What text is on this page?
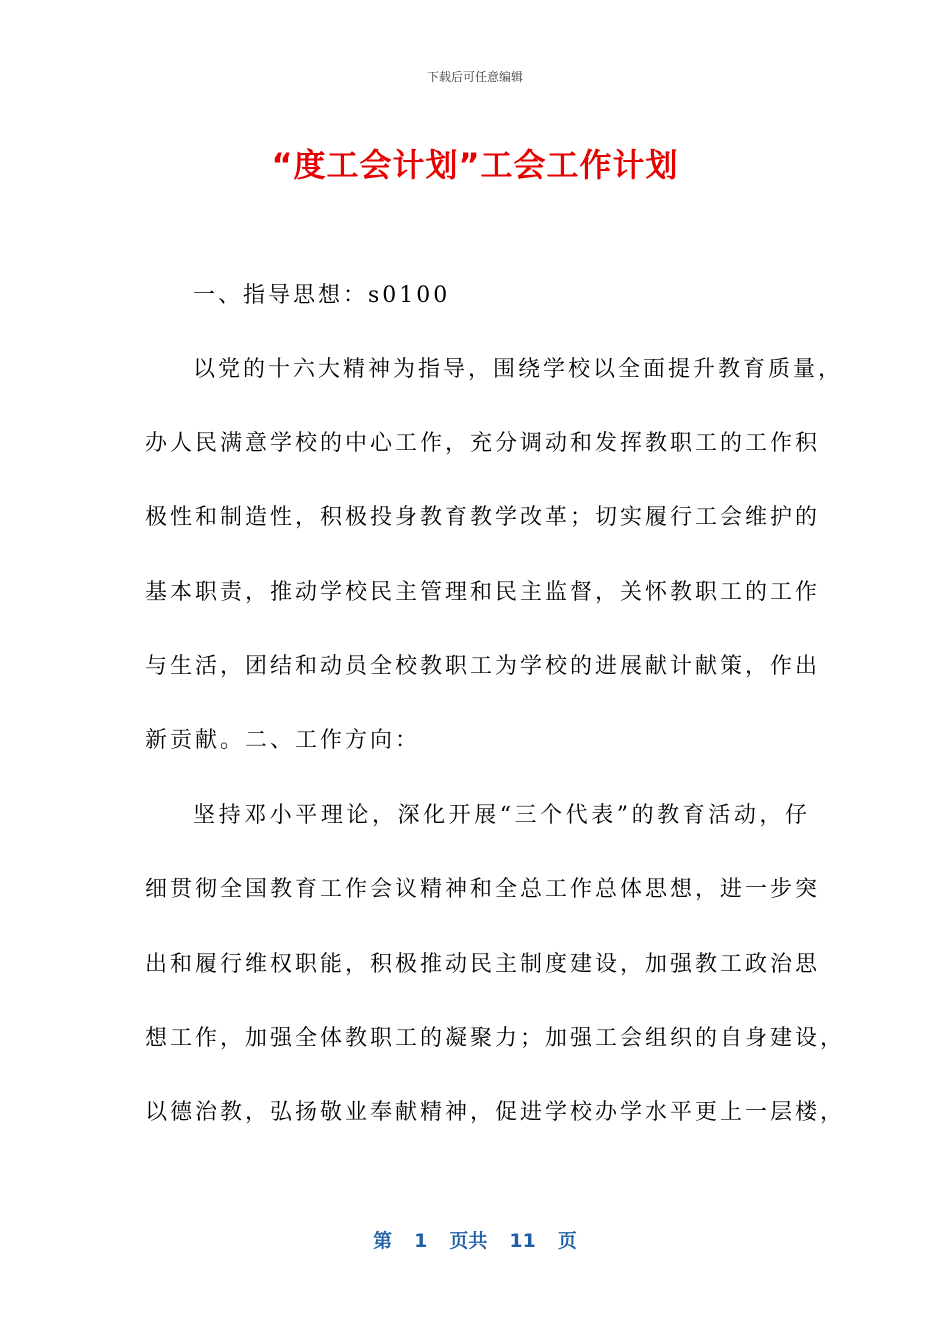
下载后可任意编辑
“度工会计划”工会工作计划
一、指导思想：s0100
以党的十六大精神为指导，围绕学校以全面提升教育质量，
办人民满意学校的中心工作，充分调动和发挥教职工的工作积
极性和制造性，积极投身教育教学改革；切实履行工会维护的
基本职责，推动学校民主管理和民主监督，关怀教职工的工作
与生活，团结和动员全校教职工为学校的进展献计献策，作出
新贡献。二、工作方向：
坚持邓小平理论，深化开展“三个代表”的教育活动，仔
细贯彻全国教育工作会议精神和全总工作总体思想，进一步突
出和履行维权职能，积极推动民主制度建设，加强教工政治思
想工作，加强全体教职工的凝聚力；加强工会组织的自身建设，
以德治教，弘扬敬业奉献精神，促进学校办学水平更上一层楼，
第 1 页共 11 页
